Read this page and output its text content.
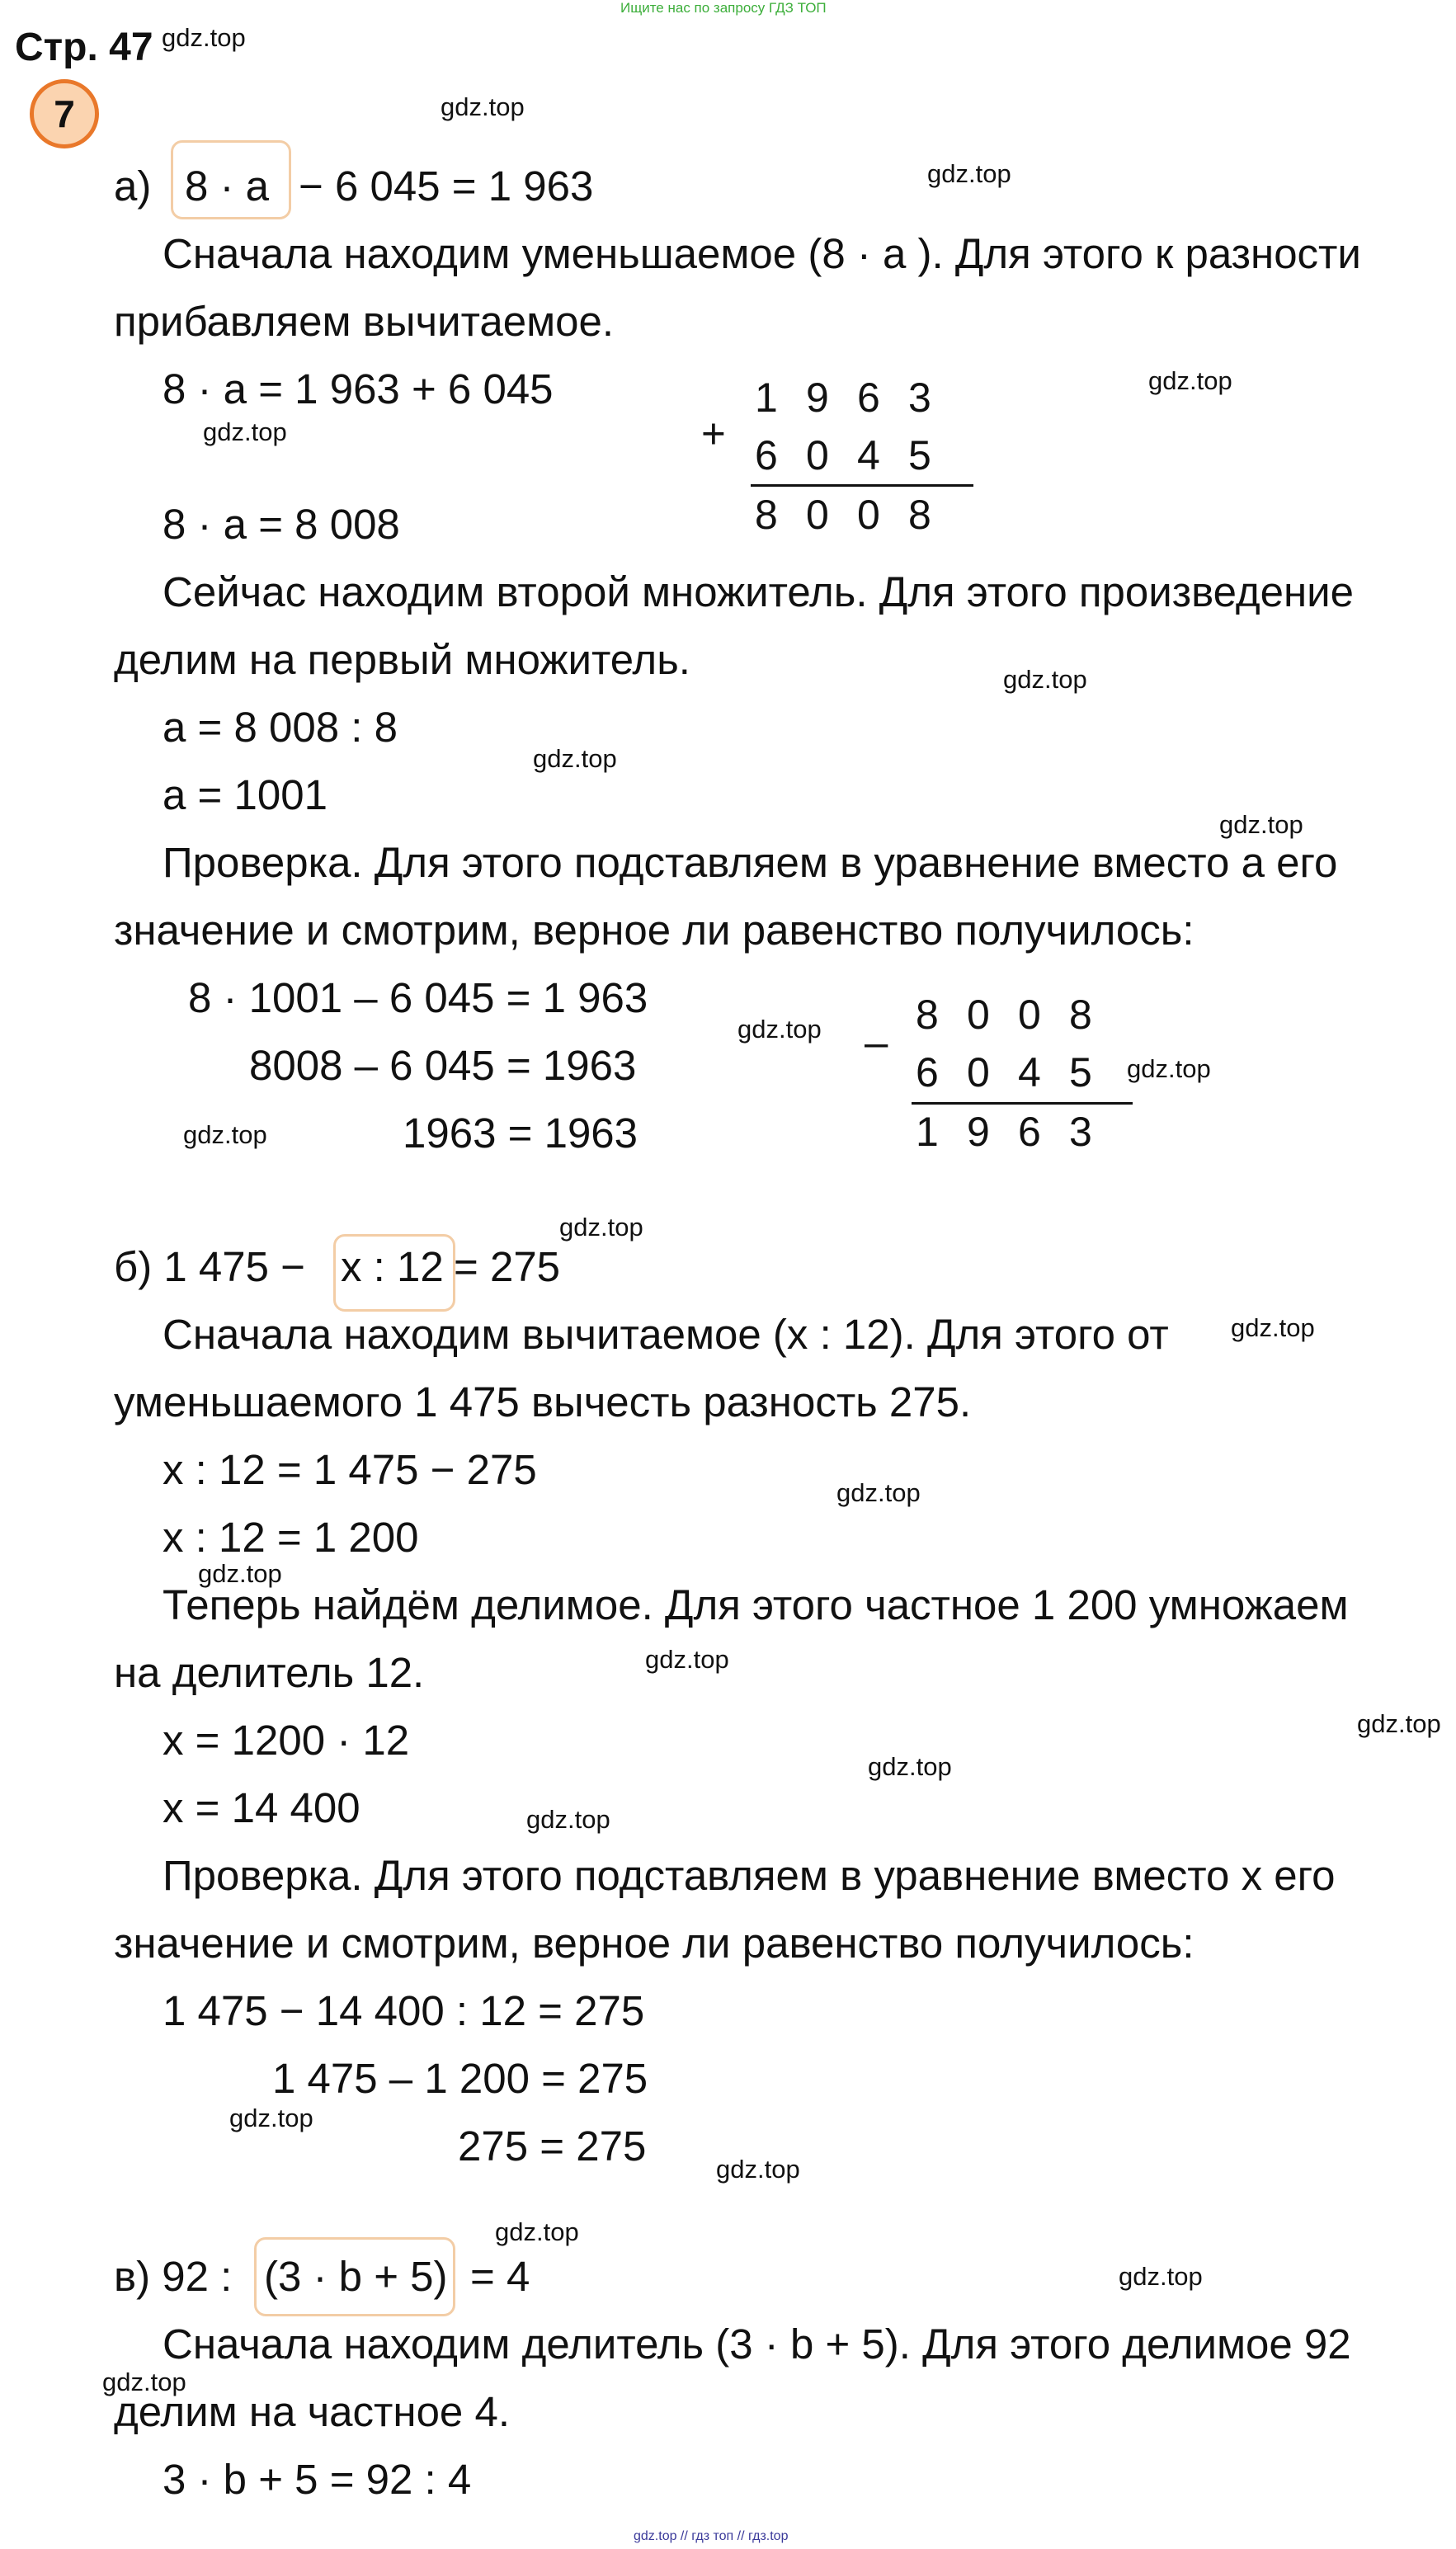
Ищите нас по запросу ГДЗ ТОП
Стр. 47
7
а) 8 · a − 6 045 = 1 963
Сначала находим уменьшаемое (8 · a ). Для этого к разности
прибавляем вычитаемое.
8 · a = 1 963 + 6 045
8 · a = 8 008
+
1 9 6 3
6 0 4 5
8 0 0 8
Сейчас находим второй множитель. Для этого произведение
делим на первый множитель.
a = 8 008 : 8
a = 1001
Проверка. Для этого подставляем в уравнение вместо a его
значение и смотрим, верное ли равенство получилось:
8 · 1001 – 6 045 = 1 963
8008 – 6 045 = 1963
1963 = 1963
–
8 0 0 8
6 0 4 5
1 9 6 3
б) 1 475 − x : 12 = 275
Сначала находим вычитаемое (x : 12). Для этого от
уменьшаемого 1 475 вычесть разность 275.
x : 12 = 1 475 − 275
x : 12 = 1 200
Теперь найдём делимое. Для этого частное 1 200 умножаем
на делитель 12.
x = 1200 · 12
x = 14 400
Проверка. Для этого подставляем в уравнение вместо x его
значение и смотрим, верное ли равенство получилось:
1 475 − 14 400 : 12 = 275
1 475 – 1 200 = 275
275 = 275
в) 92 : (3 · b + 5) = 4
Сначала находим делитель (3 · b + 5). Для этого делимое 92
делим на частное 4.
3 · b + 5 = 92 : 4
gdz.top
gdz.top
gdz.top
gdz.top
gdz.top
gdz.top
gdz.top
gdz.top
gdz.top
gdz.top
gdz.top
gdz.top
gdz.top
gdz.top
gdz.top
gdz.top
gdz.top
gdz.top
gdz.top
gdz.top
gdz.top
gdz.top
gdz.top
gdz.top
gdz.top // гдз топ // гдз.top
